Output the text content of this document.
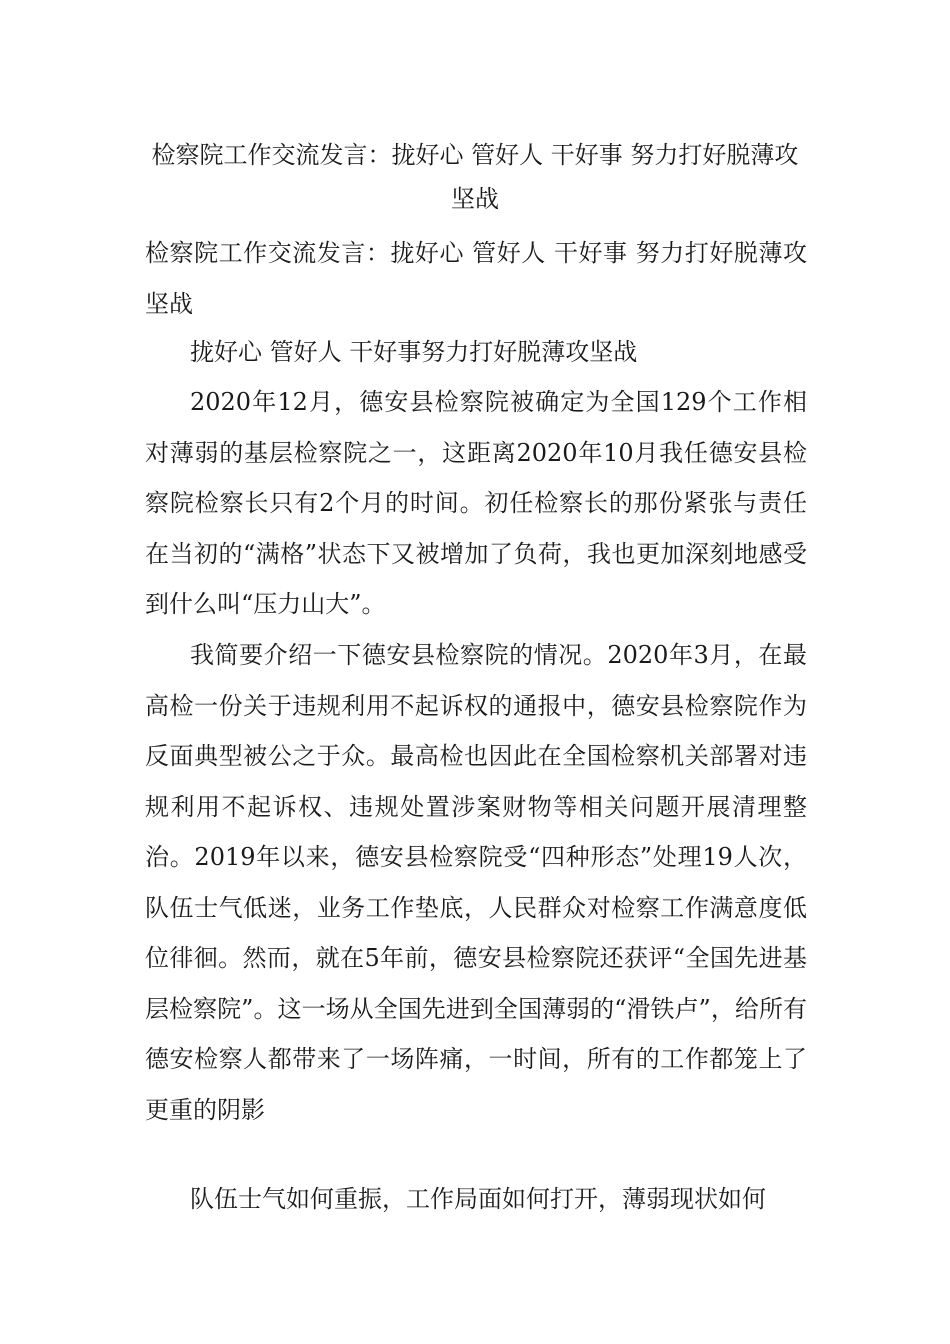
检察院工作交流发言：拢好心 管好人 干好事 努力打好脱薄攻坚战

检察院工作交流发言：拢好心 管好人 干好事 努力打好脱薄攻坚战

拢好心 管好人 干好事努力打好脱薄攻坚战

2020年12月，德安县检察院被确定为全国129个工作相对薄弱的基层检察院之一，这距离2020年10月我任德安县检察院检察长只有2个月的时间。初任检察长的那份紧张与责任在当初的“满格”状态下又被增加了负荷，我也更加深刻地感受到什么叫“压力山大”。

我简要介绍一下德安县检察院的情况。2020年3月，在最高检一份关于违规利用不起诉权的通报中，德安县检察院作为反面典型被公之于众。最高检也因此在全国检察机关部署对违规利用不起诉权、违规处置涉案财物等相关问题开展清理整治。2019年以来，德安县检察院受“四种形态”处理19人次，队伍士气低迷，业务工作垫底，人民群众对检察工作满意度低位徘徊。然而，就在5年前，德安县检察院还获评“全国先进基层检察院”。这一场从全国先进到全国薄弱的“滑铁卢”，给所有德安检察人都带来了一场阵痛，一时间，所有的工作都笼上了更重的阴影

队伍士气如何重振，工作局面如何打开，薄弱现状如何
